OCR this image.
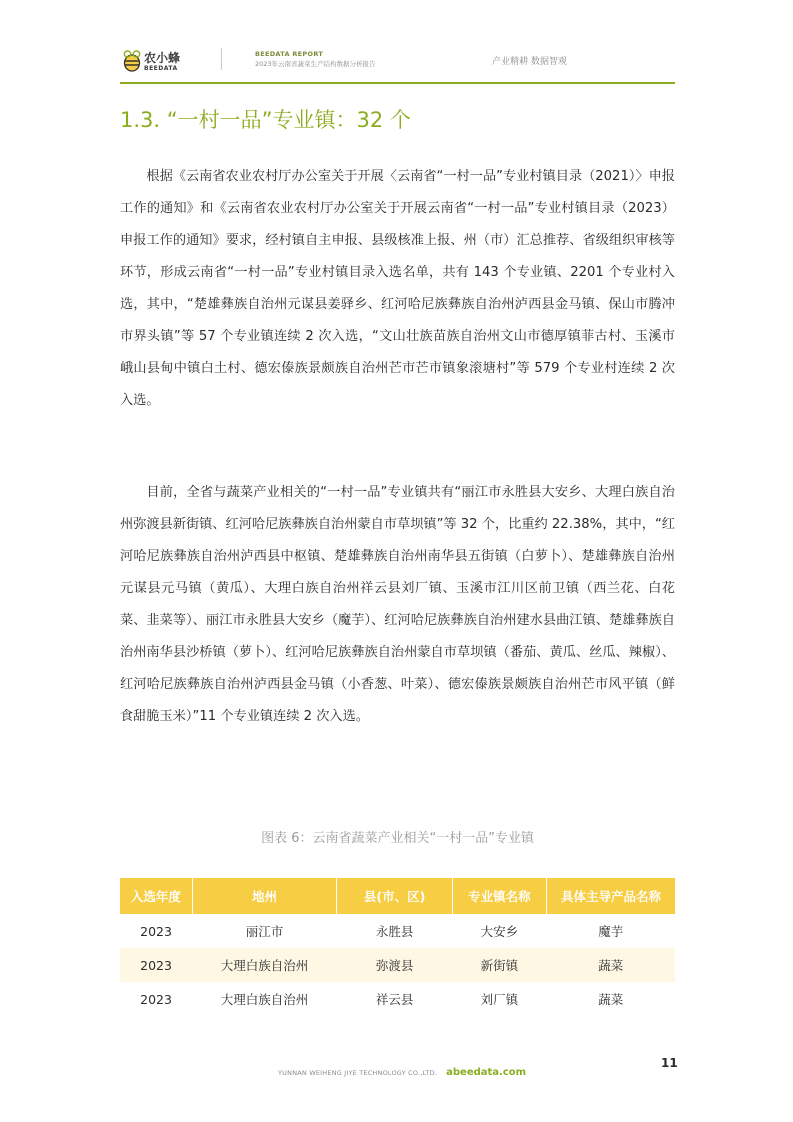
农小蜂
BEEDATA
BEEDATA REPORT
2023年云南省蔬菜生产结构数据分析报告	产业精耕 数据智观
1.3. “一村一品”专业镇：32 个

根据《云南省农业农村厅办公室关于开展〈云南省“一村一品”专业村镇目录（2021）〉申报工作的通知》和《云南省农业农村厅办公室关于开展云南省“一村一品”专业村镇目录（2023）申报工作的通知》要求，经村镇自主申报、县级核准上报、州（市）汇总推荐、省级组织审核等环节，形成云南省“一村一品”专业村镇目录入选名单，共有 143 个专业镇、2201 个专业村入选，其中，“楚雄彝族自治州元谋县姜驿乡、红河哈尼族彝族自治州泸西县金马镇、保山市腾冲市界头镇”等 57 个专业镇连续 2 次入选，“文山壮族苗族自治州文山市德厚镇菲古村、玉溪市峨山县甸中镇白土村、德宏傣族景颇族自治州芒市芒市镇象滚塘村”等 579 个专业村连续 2 次入选。

目前，全省与蔬菜产业相关的“一村一品”专业镇共有“丽江市永胜县大安乡、大理白族自治州弥渡县新街镇、红河哈尼族彝族自治州蒙自市草坝镇”等 32 个，比重约 22.38%，其中，“红河哈尼族彝族自治州泸西县中枢镇、楚雄彝族自治州南华县五街镇（白萝卜）、楚雄彝族自治州元谋县元马镇（黄瓜）、大理白族自治州祥云县刘厂镇、玉溪市江川区前卫镇（西兰花、白花菜、韭菜等）、丽江市永胜县大安乡（魔芋）、红河哈尼族彝族自治州建水县曲江镇、楚雄彝族自治州南华县沙桥镇（萝卜）、红河哈尼族彝族自治州蒙自市草坝镇（番茄、黄瓜、丝瓜、辣椒）、红河哈尼族彝族自治州泸西县金马镇（小香葱、叶菜）、德宏傣族景颇族自治州芒市风平镇（鲜食甜脆玉米）”11 个专业镇连续 2 次入选。

图表 6：云南省蔬菜产业相关“一村一品”专业镇
入选年度	地州	县(市、区)	专业镇名称	具体主导产品名称
2023	丽江市	永胜县	大安乡	魔芋
2023	大理白族自治州	弥渡县	新街镇	蔬菜
2023	大理白族自治州	祥云县	刘厂镇	蔬菜
YUNNAN WEIHENG JIYE TECHNOLOGY CO.,LTD. abeedata.com
11
